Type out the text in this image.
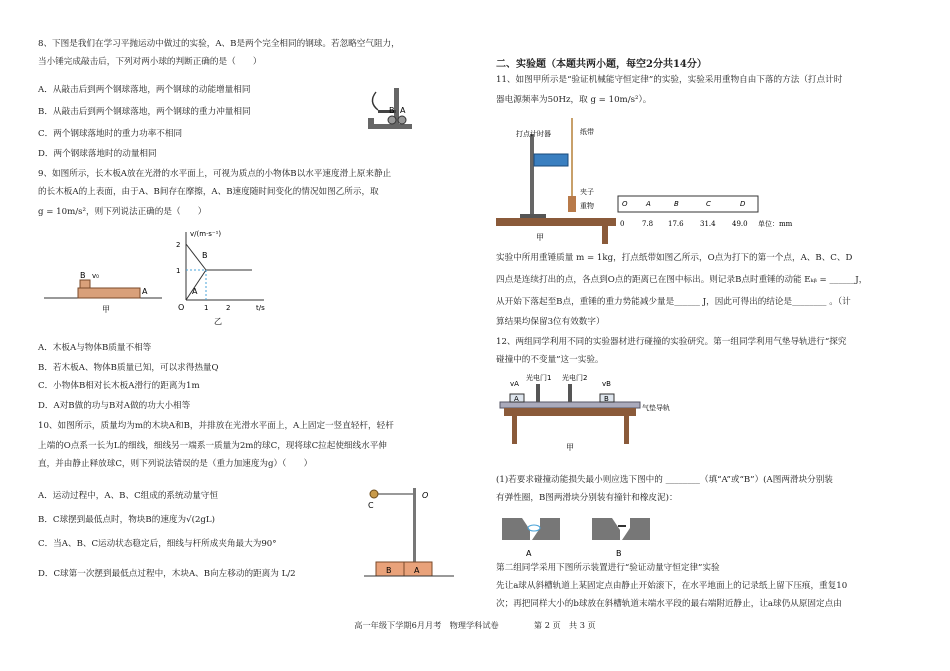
8、下图是我们在学习平抛运动中做过的实验，A、B是两个完全相同的钢球。若忽略空气阻力，
当小锤完成敲击后，下列对两小球的判断正确的是（　　）
A．从敲击后到两个钢球落地，两个钢球的动能增量相同
B．从敲击后到两个钢球落地，两个钢球的重力冲量相同
C．两个钢球落地时的重力功率不相同
D．两个钢球落地时的动量相同
B A
9、如图所示，长木板A放在光滑的水平面上，可视为质点的小物体B以水平速度滑上原来静止
的长木板A的上表面，由于A、B间存在摩擦，A、B速度随时间变化的情况如图乙所示，取
g = 10m/s²，则下列说法正确的是（　　）
B
A
v₀
甲
v/(m·s⁻¹)
t/s
O
B
A
2
1
1	2
乙
A．木板A与物体B质量不相等
B．若木板A、物体B质量已知，可以求得热量Q
C．小物体B相对长木板A滑行的距离为1m
D．A对B做的功与B对A做的功大小相等
10、如图所示，质量均为m的木块A和B，并排放在光滑水平面上，A上固定一竖直轻杆，轻杆
上端的O点系一长为L的细线，细线另一端系一质量为2m的球C，现将球C拉起使细线水平伸
直，并由静止释放球C，则下列说法错误的是（重力加速度为g）（　　）
A．运动过程中，A、B、C组成的系统动量守恒
B．C球摆到最低点时，物块B的速度为√(2gL)
C．当A、B、C运动状态稳定后，细线与杆所成夹角最大为90°
D．C球第一次摆到最低点过程中，木块A、B向左移动的距离为 L/2
C
O
B	A
二、实验题（本题共两小题，每空2分共14分）
11、如图甲所示是“验证机械能守恒定律”的实验，实验采用重物自由下落的方法（打点计时
器电源频率为50Hz，取 g = 10m/s²）。
打点计时器	纸带
夹子
重物
甲
O	A	B	C	D
0	7.8 17.6 31.4 49.0 单位：mm
实验中所用重锤质量 m = 1kg，打点纸带如图乙所示，O点为打下的第一个点，A、B、C、D
四点是连续打出的点，各点到O点的距离已在图中标出。则记录B点时重锤的动能 Eₖᵦ = ______J，
从开始下落起至B点，重锤的重力势能减少量是______ J，因此可得出的结论是________ 。（计
算结果均保留3位有效数字）
12、两组同学利用不同的实验器材进行碰撞的实验研究。第一组同学利用气垫导轨进行“探究
碰撞中的不变量”这一实验。
A	B
vA	vB
光电门1 光电门2
气垫导轨
甲
(1)若要求碰撞动能损失最小则应选下图中的 ________（填“A”或“B”）(A图两滑块分别装
有弹性圈，B图两滑块分别装有撞针和橡皮泥)：
A	B
第二组同学采用下图所示装置进行“验证动量守恒定律”实验
先让a球从斜槽轨道上某固定点由静止开始滚下，在水平地面上的记录纸上留下压痕，重复10
次；再把同样大小的b球放在斜槽轨道末端水平段的最右端附近静止，让a球仍从原固定点由
高一年级下学期6月月考　物理学科试卷	第 2 页　共 3 页
